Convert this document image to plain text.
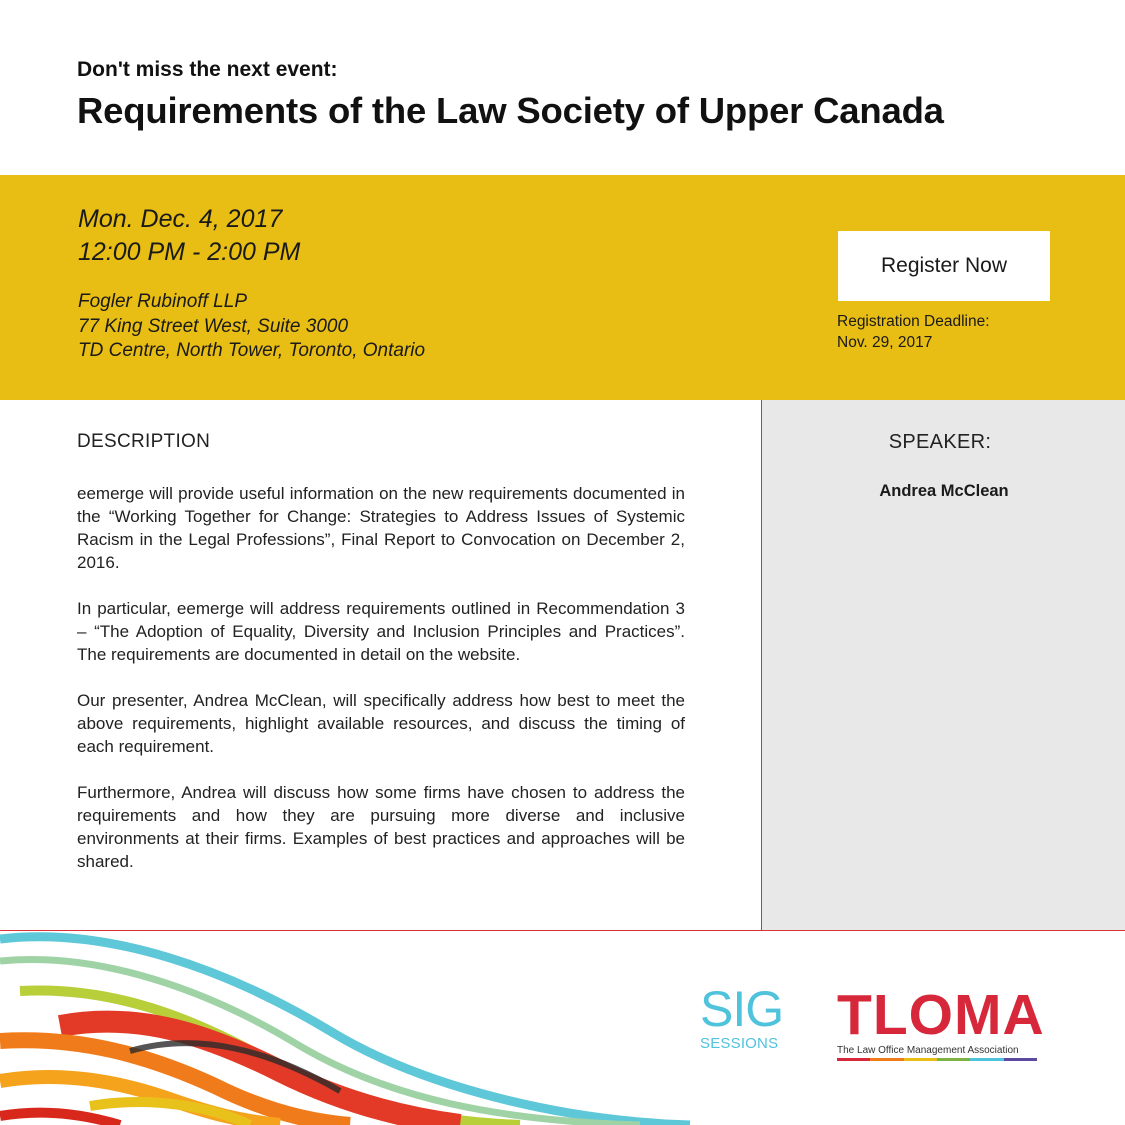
Don't miss the next event:

Requirements of the Law Society of Upper Canada
Mon. Dec. 4, 2017
12:00 PM - 2:00 PM
Fogler Rubinoff LLP
77 King Street West, Suite 3000
TD Centre, North Tower, Toronto, Ontario
Register Now
Registration Deadline:
Nov. 29, 2017
DESCRIPTION

eemerge will provide useful information on the new requirements documented in the “Working Together for Change: Strategies to Address Issues of Systemic Racism in the Legal Professions”, Final Report to Convocation on December 2, 2016.

In particular, eemerge will address requirements outlined in Recommendation 3 – “The Adoption of Equality, Diversity and Inclusion Principles and Practices”. The requirements are documented in detail on the website.

Our presenter, Andrea McClean, will specifically address how best to meet the above requirements, highlight available resources, and discuss the timing of each requirement.

Furthermore, Andrea will discuss how some firms have chosen to address the requirements and how they are pursuing more diverse and inclusive environments at their firms. Examples of best practices and approaches will be shared.

SPEAKER:
Andrea McClean
SIG
SESSIONS TLOMA
The Law Office Management Association
